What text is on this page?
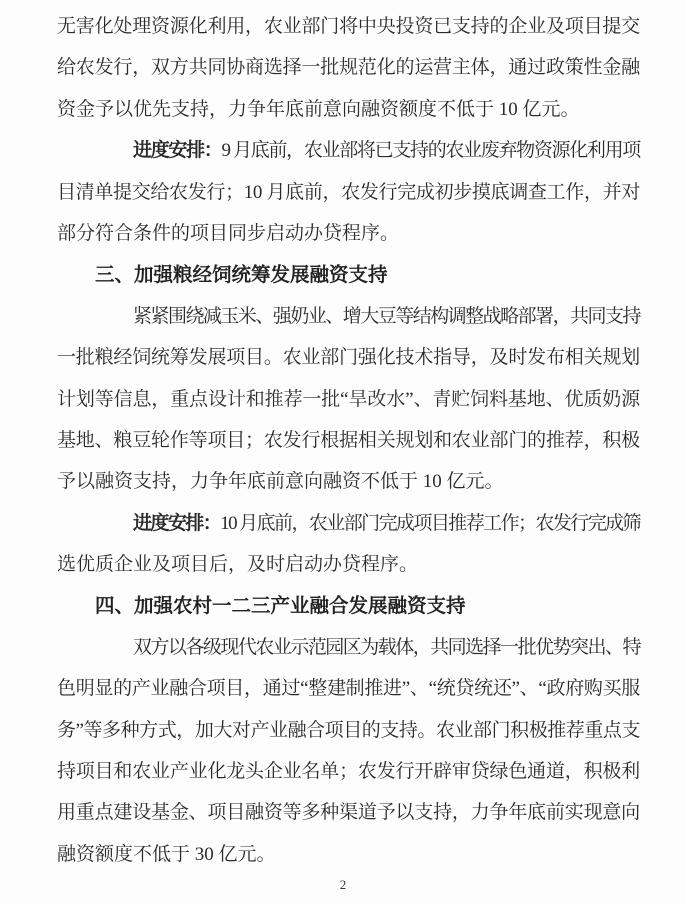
无害化处理资源化利用，农业部门将中央投资已支持的企业及项目提交
给农发行，双方共同协商选择一批规范化的运营主体，通过政策性金融
资金予以优先支持，力争年底前意向融资额度不低于 10 亿元。
进度安排：9 月底前，农业部将已支持的农业废弃物资源化利用项
目清单提交给农发行；10 月底前，农发行完成初步摸底调查工作，并对
部分符合条件的项目同步启动办贷程序。
三、加强粮经饲统筹发展融资支持
紧紧围绕减玉米、强奶业、增大豆等结构调整战略部署，共同支持
一批粮经饲统筹发展项目。农业部门强化技术指导，及时发布相关规划
计划等信息，重点设计和推荐一批“旱改水”、青贮饲料基地、优质奶源
基地、粮豆轮作等项目；农发行根据相关规划和农业部门的推荐，积极
予以融资支持，力争年底前意向融资不低于 10 亿元。
进度安排：10 月底前，农业部门完成项目推荐工作；农发行完成筛
选优质企业及项目后，及时启动办贷程序。
四、加强农村一二三产业融合发展融资支持
双方以各级现代农业示范园区为载体，共同选择一批优势突出、特
色明显的产业融合项目，通过“整建制推进”、“统贷统还”、“政府购买服
务”等多种方式，加大对产业融合项目的支持。农业部门积极推荐重点支
持项目和农业产业化龙头企业名单；农发行开辟审贷绿色通道，积极利
用重点建设基金、项目融资等多种渠道予以支持，力争年底前实现意向
融资额度不低于 30 亿元。
2
